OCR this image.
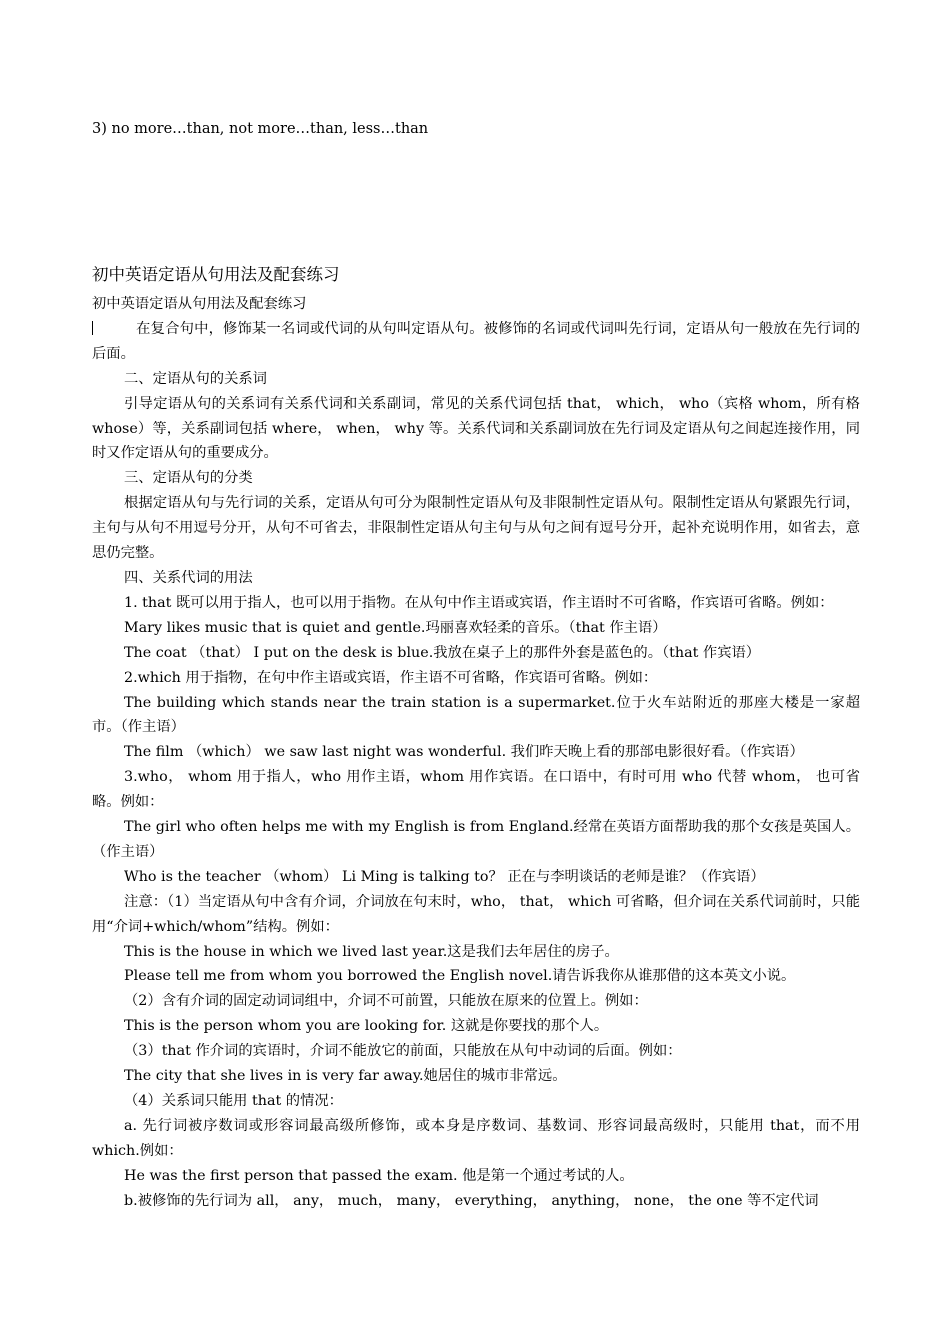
3) no more…than, not more…than, less…than
初中英语定语从句用法及配套练习

初中英语定语从句用法及配套练习

在复合句中，修饰某一名词或代词的从句叫定语从句。被修饰的名词或代词叫先行词，定语从句一般放在先行词的后面。

二、定语从句的关系词

引导定语从句的关系词有关系代词和关系副词，常见的关系代词包括 that， which， who（宾格 whom，所有格 whose）等，关系副词包括 where， when， why 等。关系代词和关系副词放在先行词及定语从句之间起连接作用，同时又作定语从句的重要成分。

三、定语从句的分类

根据定语从句与先行词的关系，定语从句可分为限制性定语从句及非限制性定语从句。限制性定语从句紧跟先行词，主句与从句不用逗号分开，从句不可省去，非限制性定语从句主句与从句之间有逗号分开，起补充说明作用，如省去，意思仍完整。

四、关系代词的用法

1. that 既可以用于指人，也可以用于指物。在从句中作主语或宾语，作主语时不可省略，作宾语可省略。例如：

Mary likes music that is quiet and gentle.玛丽喜欢轻柔的音乐。（that 作主语）

The coat （that） I put on the desk is blue.我放在桌子上的那件外套是蓝色的。（that 作宾语）

2.which 用于指物，在句中作主语或宾语，作主语不可省略，作宾语可省略。例如：

The building which stands near the train station is a supermarket.位于火车站附近的那座大楼是一家超市。（作主语）

The film （which） we saw last night was wonderful. 我们昨天晚上看的那部电影很好看。（作宾语）

3.who， whom 用于指人，who 用作主语，whom 用作宾语。在口语中，有时可用 who 代替 whom， 也可省略。例如：

The girl who often helps me with my English is from England.经常在英语方面帮助我的那个女孩是英国人。（作主语）

Who is the teacher （whom） Li Ming is talking to？ 正在与李明谈话的老师是谁？（作宾语）

注意：（1）当定语从句中含有介词，介词放在句末时，who， that， which 可省略，但介词在关系代词前时，只能用“介词+which/whom”结构。例如：

This is the house in which we lived last year.这是我们去年居住的房子。

Please tell me from whom you borrowed the English novel.请告诉我你从谁那借的这本英文小说。

（2）含有介词的固定动词词组中，介词不可前置，只能放在原来的位置上。例如：

This is the person whom you are looking for. 这就是你要找的那个人。

（3）that 作介词的宾语时，介词不能放它的前面，只能放在从句中动词的后面。例如：

The city that she lives in is very far away.她居住的城市非常远。

（4）关系词只能用 that 的情况：

a. 先行词被序数词或形容词最高级所修饰，或本身是序数词、基数词、形容词最高级时，只能用 that，而不用 which.例如：

He was the first person that passed the exam. 他是第一个通过考试的人。

b.被修饰的先行词为 all， any， much， many， everything， anything， none， the one 等不定代词
